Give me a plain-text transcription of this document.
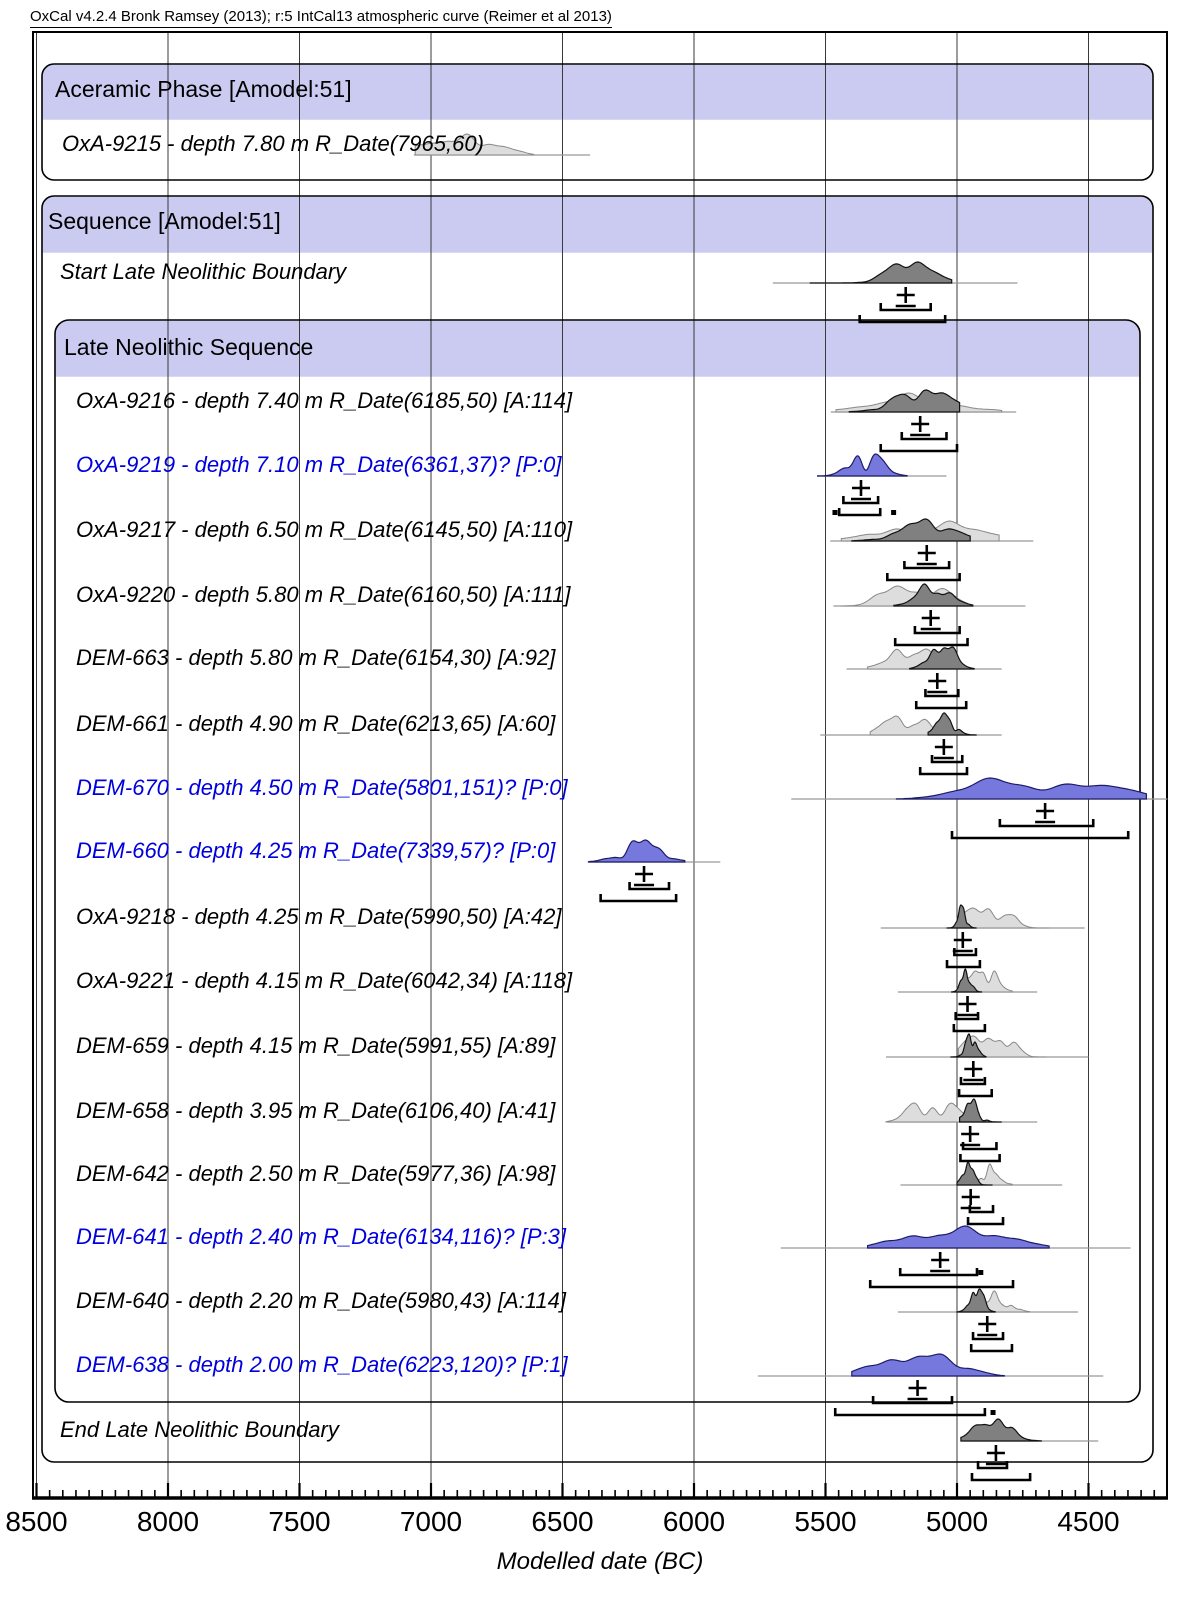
OxCal v4.2.4 Bronk Ramsey (2013); r:5 IntCal13 atmospheric curve (Reimer et al 2013)
Aceramic Phase [Amodel:51]
Sequence [Amodel:51]
Late Neolithic Sequence
OxA-9215 - depth 7.80 m R_Date(7965,60)
Start Late Neolithic Boundary
OxA-9216 - depth 7.40 m R_Date(6185,50) [A:114]
OxA-9219 - depth 7.10 m R_Date(6361,37)? [P:0]
OxA-9217 - depth 6.50 m R_Date(6145,50) [A:110]
OxA-9220 - depth 5.80 m R_Date(6160,50) [A:111]
DEM-663 - depth 5.80 m R_Date(6154,30) [A:92]
DEM-661 - depth 4.90 m R_Date(6213,65) [A:60]
DEM-670 - depth 4.50 m R_Date(5801,151)? [P:0]
DEM-660 - depth 4.25 m R_Date(7339,57)? [P:0]
OxA-9218 - depth 4.25 m R_Date(5990,50) [A:42]
OxA-9221 - depth 4.15 m R_Date(6042,34) [A:118]
DEM-659 - depth 4.15 m R_Date(5991,55) [A:89]
DEM-658 - depth 3.95 m R_Date(6106,40) [A:41]
DEM-642 - depth 2.50 m R_Date(5977,36) [A:98]
DEM-641 - depth 2.40 m R_Date(6134,116)? [P:3]
DEM-640 - depth 2.20 m R_Date(5980,43) [A:114]
DEM-638 - depth 2.00 m R_Date(6223,120)? [P:1]
End Late Neolithic Boundary
8500	8000	7500	7000	6500	6000	5500	5000	4500
Modelled date (BC)
